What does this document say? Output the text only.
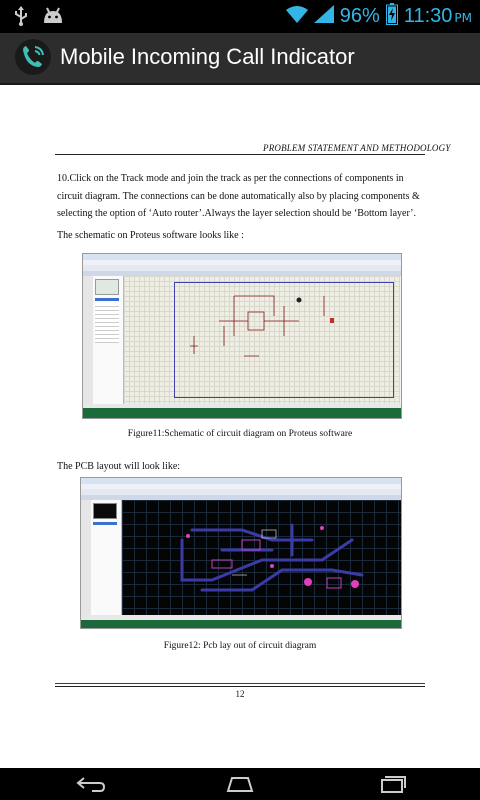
96% 11:30 PM
Mobile Incoming Call Indicator
PROBLEM STATEMENT AND METHODOLOGY
10.Click on the Track mode and join the track as per the connections of components in circuit diagram. The connections can be done automatically also by placing components & selecting the option of ‘Auto router’.Always the layer selection should be ‘Bottom layer’.
The schematic on Proteus software looks like :
Figure11:Schematic of circuit diagram on Proteus software
The PCB layout will look like:
Figure12: Pcb lay out of circuit diagram
12
